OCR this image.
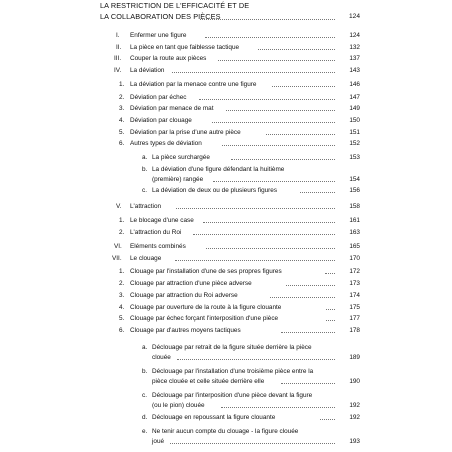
LA RESTRICTION DE L'EFFICACITÉ ET DE
LA COLLABORATION DES PIÈCES	124
I. Enfermer une figure	124
II. La pièce en tant que faiblesse tactique	132
III. Couper la route aux pièces	137
IV. La déviation	143
1. La déviation par la menace contre une figure	146
2. Déviation par échec	147
3. Déviation par menace de mat	149
4. Déviation par clouage	150
5. Déviation par la prise d'une autre pièce	151
6. Autres types de déviation	152
a. La pièce surchargée	153
b. La déviation d'une figure défendant la huitième
(première) rangée	154
c. La déviation de deux ou de plusieurs figures	156
V. L'attraction	158
1. Le blocage d'une case	161
2. L'attraction du Roi	163
VI. Eléments combinés	165
VII. Le clouage	170
1. Clouage par l'installation d'une de ses propres figures	172
2. Clouage par attraction d'une pièce adverse	173
3. Clouage par attraction du Roi adverse	174
4. Clouage par ouverture de la route à la figure clouante	175
5. Clouage par échec forçant l'interposition d'une pièce	177
6. Clouage par d'autres moyens tactiques	178
a. Déclouage par retrait de la figure située derrière la pièce
clouée	189
b. Déclouage par l'installation d'une troisième pièce entre la
pièce clouée et celle située derrière elle	190
c. Déclouage par l'interposition d'une pièce devant la figure
(ou le pion) clouée	192
d. Déclouage en repoussant la figure clouante	192
e. Ne tenir aucun compte du clouage - la figure clouée
joué	193
